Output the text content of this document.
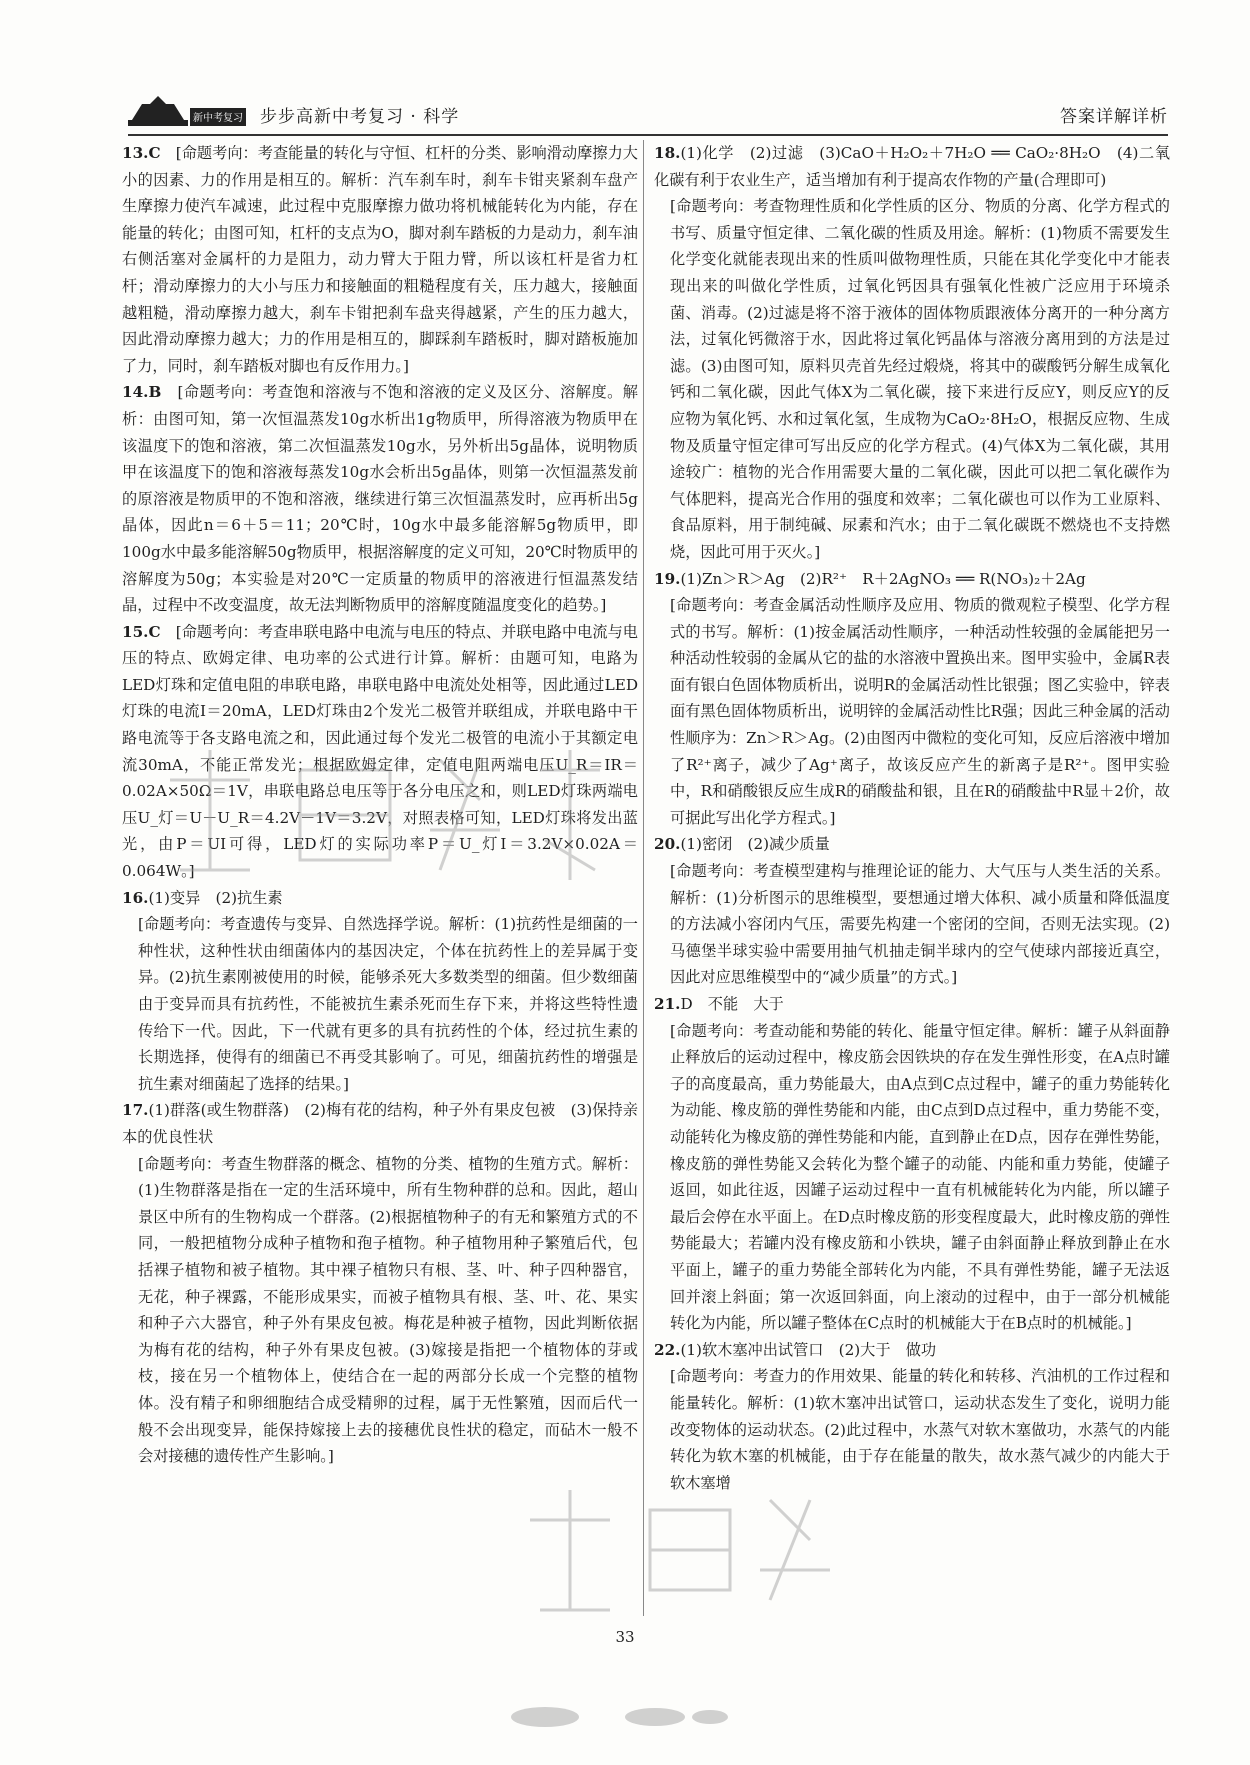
新中考复习 步步高新中考复习 · 科学	答案详解详析

13.C　 [命题考向：考查能量的转化与守恒、杠杆的分类、影响滑动摩擦力大小的因素、力的作用是相互的。解析：汽车刹车时，刹车卡钳夹紧刹车盘产生摩擦力使汽车减速，此过程中克服摩擦力做功将机械能转化为内能，存在能量的转化；由图可知，杠杆的支点为O，脚对刹车踏板的力是动力，刹车油右侧活塞对金属杆的力是阻力，动力臂大于阻力臂，所以该杠杆是省力杠杆；滑动摩擦力的大小与压力和接触面的粗糙程度有关，压力越大，接触面越粗糙，滑动摩擦力越大，刹车卡钳把刹车盘夹得越紧，产生的压力越大，因此滑动摩擦力越大；力的作用是相互的，脚踩刹车踏板时，脚对踏板施加了力，同时，刹车踏板对脚也有反作用力。]

14.B　 [命题考向：考查饱和溶液与不饱和溶液的定义及区分、溶解度。解析：由图可知，第一次恒温蒸发10g水析出1g物质甲，所得溶液为物质甲在该温度下的饱和溶液，第二次恒温蒸发10g水，另外析出5g晶体，说明物质甲在该温度下的饱和溶液每蒸发10g水会析出5g晶体，则第一次恒温蒸发前的原溶液是物质甲的不饱和溶液，继续进行第三次恒温蒸发时，应再析出5g晶体，因此n＝6＋5＝11；20℃时，10g水中最多能溶解5g物质甲，即100g水中最多能溶解50g物质甲，根据溶解度的定义可知，20℃时物质甲的溶解度为50g；本实验是对20℃一定质量的物质甲的溶液进行恒温蒸发结晶，过程中不改变温度，故无法判断物质甲的溶解度随温度变化的趋势。]

15.C　 [命题考向：考查串联电路中电流与电压的特点、并联电路中电流与电压的特点、欧姆定律、电功率的公式进行计算。解析：由题可知，电路为LED灯珠和定值电阻的串联电路，串联电路中电流处处相等，因此通过LED灯珠的电流I＝20mA，LED灯珠由2个发光二极管并联组成，并联电路中干路电流等于各支路电流之和，因此通过每个发光二极管的电流小于其额定电流30mA，不能正常发光；根据欧姆定律，定值电阻两端电压U_R＝IR＝0.02A×50Ω＝1V，串联电路总电压等于各分电压之和，则LED灯珠两端电压U_灯＝U－U_R＝4.2V－1V＝3.2V，对照表格可知，LED灯珠将发出蓝光，由P＝UI可得，LED灯的实际功率P＝U_灯I＝3.2V×0.02A＝0.064W。]

16.(1)变异　(2)抗生素

[命题考向：考查遗传与变异、自然选择学说。解析：(1)抗药性是细菌的一种性状，这种性状由细菌体内的基因决定，个体在抗药性上的差异属于变异。(2)抗生素刚被使用的时候，能够杀死大多数类型的细菌。但少数细菌由于变异而具有抗药性，不能被抗生素杀死而生存下来，并将这些特性遗传给下一代。因此，下一代就有更多的具有抗药性的个体，经过抗生素的长期选择，使得有的细菌已不再受其影响了。可见，细菌抗药性的增强是抗生素对细菌起了选择的结果。]

17.(1)群落(或生物群落)　(2)梅有花的结构，种子外有果皮包被　(3)保持亲本的优良性状

[命题考向：考查生物群落的概念、植物的分类、植物的生殖方式。解析：(1)生物群落是指在一定的生活环境中，所有生物种群的总和。因此，超山景区中所有的生物构成一个群落。(2)根据植物种子的有无和繁殖方式的不同，一般把植物分成种子植物和孢子植物。种子植物用种子繁殖后代，包括裸子植物和被子植物。其中裸子植物只有根、茎、叶、种子四种器官，无花，种子裸露，不能形成果实，而被子植物具有根、茎、叶、花、果实和种子六大器官，种子外有果皮包被。梅花是种被子植物，因此判断依据为梅有花的结构，种子外有果皮包被。(3)嫁接是指把一个植物体的芽或枝，接在另一个植物体上，使结合在一起的两部分长成一个完整的植物体。没有精子和卵细胞结合成受精卵的过程，属于无性繁殖，因而后代一般不会出现变异，能保持嫁接上去的接穗优良性状的稳定，而砧木一般不会对接穗的遗传性产生影响。]

18.(1)化学　(2)过滤　(3)CaO＋H₂O₂＋7H₂O ══ CaO₂·8H₂O　(4)二氧化碳有利于农业生产，适当增加有利于提高农作物的产量(合理即可)

[命题考向：考查物理性质和化学性质的区分、物质的分离、化学方程式的书写、质量守恒定律、二氧化碳的性质及用途。解析：(1)物质不需要发生化学变化就能表现出来的性质叫做物理性质，只能在其化学变化中才能表现出来的叫做化学性质，过氧化钙因具有强氧化性被广泛应用于环境杀菌、消毒。(2)过滤是将不溶于液体的固体物质跟液体分离开的一种分离方法，过氧化钙微溶于水，因此将过氧化钙晶体与溶液分离用到的方法是过滤。(3)由图可知，原料贝壳首先经过煅烧，将其中的碳酸钙分解生成氧化钙和二氧化碳，因此气体X为二氧化碳，接下来进行反应Y，则反应Y的反应物为氧化钙、水和过氧化氢，生成物为CaO₂·8H₂O，根据反应物、生成物及质量守恒定律可写出反应的化学方程式。(4)气体X为二氧化碳，其用途较广：植物的光合作用需要大量的二氧化碳，因此可以把二氧化碳作为气体肥料，提高光合作用的强度和效率；二氧化碳也可以作为工业原料、食品原料，用于制纯碱、尿素和汽水；由于二氧化碳既不燃烧也不支持燃烧，因此可用于灭火。]

19.(1)Zn＞R＞Ag　(2)R²⁺　R＋2AgNO₃ ══ R(NO₃)₂＋2Ag

[命题考向：考查金属活动性顺序及应用、物质的微观粒子模型、化学方程式的书写。解析：(1)按金属活动性顺序，一种活动性较强的金属能把另一种活动性较弱的金属从它的盐的水溶液中置换出来。图甲实验中，金属R表面有银白色固体物质析出，说明R的金属活动性比银强；图乙实验中，锌表面有黑色固体物质析出，说明锌的金属活动性比R强；因此三种金属的活动性顺序为：Zn＞R＞Ag。(2)由图丙中微粒的变化可知，反应后溶液中增加了R²⁺离子，减少了Ag⁺离子，故该反应产生的新离子是R²⁺。图甲实验中，R和硝酸银反应生成R的硝酸盐和银，且在R的硝酸盐中R显＋2价，故可据此写出化学方程式。]

20.(1)密闭　(2)减少质量

[命题考向：考查模型建构与推理论证的能力、大气压与人类生活的关系。解析：(1)分析图示的思维模型，要想通过增大体积、减小质量和降低温度的方法减小容闭内气压，需要先构建一个密闭的空间，否则无法实现。(2)马德堡半球实验中需要用抽气机抽走铜半球内的空气使球内部接近真空，因此对应思维模型中的“减少质量”的方式。]

21.D　不能　大于

[命题考向：考查动能和势能的转化、能量守恒定律。解析：罐子从斜面静止释放后的运动过程中，橡皮筋会因铁块的存在发生弹性形变，在A点时罐子的高度最高，重力势能最大，由A点到C点过程中，罐子的重力势能转化为动能、橡皮筋的弹性势能和内能，由C点到D点过程中，重力势能不变，动能转化为橡皮筋的弹性势能和内能，直到静止在D点，因存在弹性势能，橡皮筋的弹性势能又会转化为整个罐子的动能、内能和重力势能，使罐子返回，如此往返，因罐子运动过程中一直有机械能转化为内能，所以罐子最后会停在水平面上。在D点时橡皮筋的形变程度最大，此时橡皮筋的弹性势能最大；若罐内没有橡皮筋和小铁块，罐子由斜面静止释放到静止在水平面上，罐子的重力势能全部转化为内能，不具有弹性势能，罐子无法返回并滚上斜面；第一次返回斜面，向上滚动的过程中，由于一部分机械能转化为内能，所以罐子整体在C点时的机械能大于在B点时的机械能。]

22.(1)软木塞冲出试管口　(2)大于　做功

[命题考向：考查力的作用效果、能量的转化和转移、汽油机的工作过程和能量转化。解析：(1)软木塞冲出试管口，运动状态发生了变化，说明力能改变物体的运动状态。(2)此过程中，水蒸气对软木塞做功，水蒸气的内能转化为软木塞的机械能，由于存在能量的散失，故水蒸气减少的内能大于软木塞增

33
